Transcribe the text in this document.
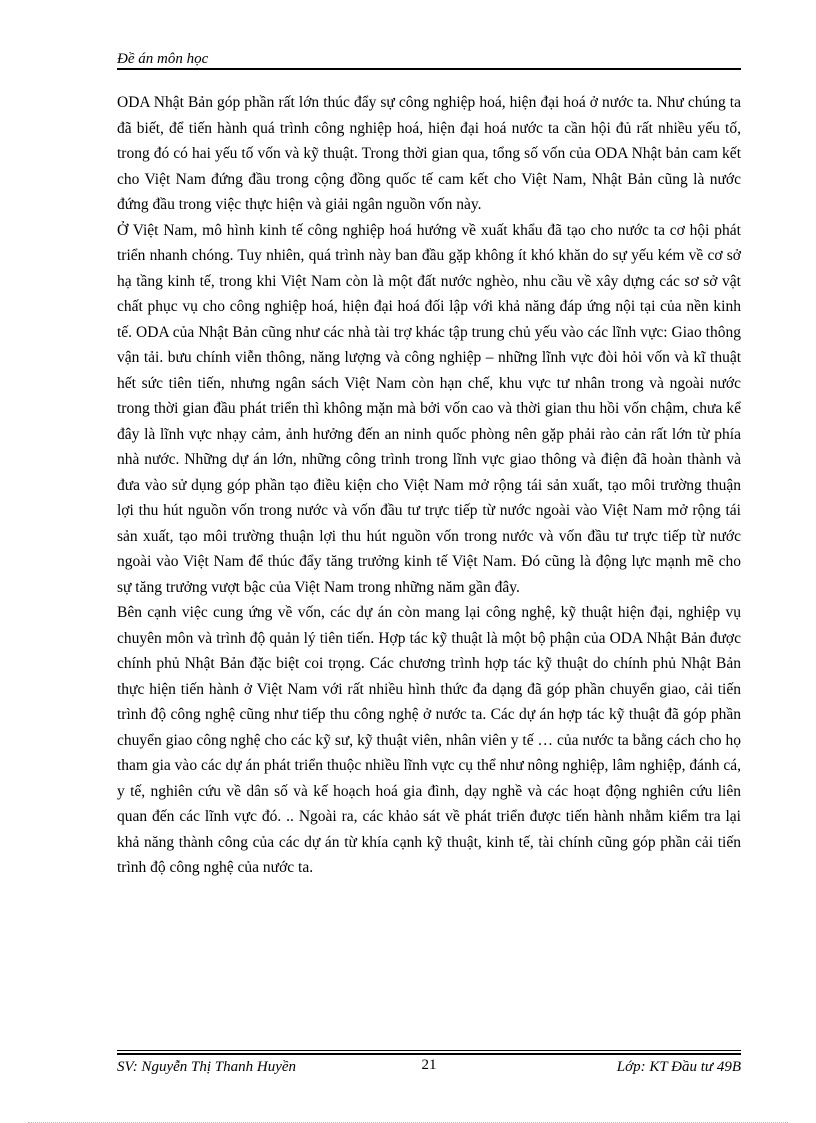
Đề án môn học

ODA Nhật Bản góp phần rất lớn thúc đẩy sự công nghiệp hoá, hiện đại hoá ở nước ta. Như chúng ta đã biết, để tiến hành quá trình công nghiệp hoá, hiện đại hoá nước ta cần hội đủ rất nhiều yếu tố, trong đó có hai yếu tố vốn và kỹ thuật. Trong thời gian qua, tổng số vốn của ODA Nhật bản cam kết cho Việt Nam đứng đầu trong cộng đồng quốc tế cam kết cho Việt Nam, Nhật Bản cũng là nước đứng đầu trong việc thực hiện và giải ngân nguồn vốn này.

Ở Việt Nam, mô hình kinh tế công nghiệp hoá hướng về xuất khẩu đã tạo cho nước ta cơ hội phát triển nhanh chóng. Tuy nhiên, quá trình này ban đầu gặp không ít khó khăn do sự yếu kém về cơ sở hạ tầng kinh tế, trong khi Việt Nam còn là một đất nước nghèo, nhu cầu về xây dựng các sơ sở vật chất phục vụ cho công nghiệp hoá, hiện đại hoá đối lập với khả năng đáp ứng nội tại của nền kinh tế. ODA của Nhật Bản cũng như các nhà tài trợ khác tập trung chủ yếu vào các lĩnh vực: Giao thông vận tải. bưu chính viễn thông, năng lượng và công nghiệp – những lĩnh vực đòi hỏi vốn và kĩ thuật hết sức tiên tiến, nhưng ngân sách Việt Nam còn hạn chế, khu vực tư nhân trong và ngoài nước trong thời gian đầu phát triển thì không mặn mà bởi vốn cao và thời gian thu hồi vốn chậm, chưa kể đây là lĩnh vực nhạy cảm, ảnh hưởng đến an ninh quốc phòng nên gặp phải rào cản rất lớn từ phía nhà nước. Những dự án lớn, những công trình trong lĩnh vực giao thông và điện đã hoàn thành và đưa vào sử dụng góp phần tạo điều kiện cho Việt Nam mở rộng tái sản xuất, tạo môi trường thuận lợi thu hút nguồn vốn trong nước và vốn đầu tư trực tiếp từ nước ngoài vào Việt Nam mở rộng tái sản xuất, tạo môi trường thuận lợi thu hút nguồn vốn trong nước và vốn đầu tư trực tiếp từ nước ngoài vào Việt Nam để thúc đẩy tăng trưởng kinh tế Việt Nam. Đó cũng là động lực mạnh mẽ cho sự tăng trưởng vượt bậc của Việt Nam trong những năm gần đây.

Bên cạnh việc cung ứng về vốn, các dự án còn mang lại công nghệ, kỹ thuật hiện đại, nghiệp vụ chuyên môn và trình độ quản lý tiên tiến. Hợp tác kỹ thuật là một bộ phận của ODA Nhật Bản được chính phủ Nhật Bản đặc biệt coi trọng. Các chương trình hợp tác kỹ thuật do chính phủ Nhật Bản thực hiện tiến hành ở Việt Nam với rất nhiều hình thức đa dạng đã góp phần chuyển giao, cải tiến trình độ công nghệ cũng như tiếp thu công nghệ ở nước ta. Các dự án hợp tác kỹ thuật đã góp phần chuyển giao công nghệ cho các kỹ sư, kỹ thuật viên, nhân viên y tế … của nước ta bằng cách cho họ tham gia vào các dự án phát triển thuộc nhiều lĩnh vực cụ thể như nông nghiệp, lâm nghiệp, đánh cá, y tế, nghiên cứu về dân số và kế hoạch hoá gia đình, dạy nghề và các hoạt động nghiên cứu liên quan đến các lĩnh vực đó. .. Ngoài ra, các khảo sát về phát triển được tiến hành nhằm kiểm tra lại khả năng thành công của các dự án từ khía cạnh kỹ thuật, kinh tế, tài chính cũng góp phần cải tiến trình độ công nghệ của nước ta.

SV: Nguyễn Thị Thanh Huyền	21	Lớp: KT Đầu tư 49B
